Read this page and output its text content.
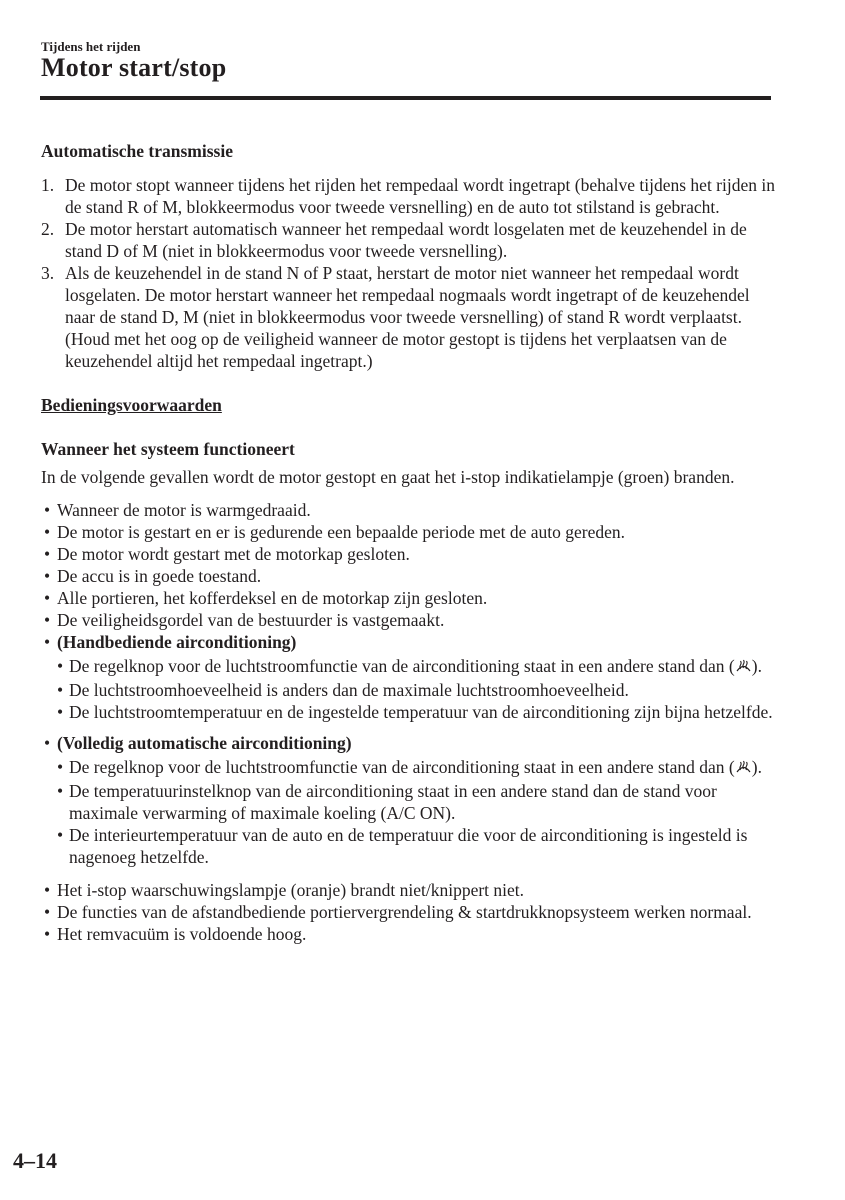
Tijdens het rijden
Motor start/stop

Automatische transmissie

1. De motor stopt wanneer tijdens het rijden het rempedaal wordt ingetrapt (behalve tijdens het rijden in de stand R of M, blokkeermodus voor tweede versnelling) en de auto tot stilstand is gebracht.
2. De motor herstart automatisch wanneer het rempedaal wordt losgelaten met de keuzehendel in de stand D of M (niet in blokkeermodus voor tweede versnelling).
3. Als de keuzehendel in de stand N of P staat, herstart de motor niet wanneer het rempedaal wordt losgelaten. De motor herstart wanneer het rempedaal nogmaals wordt ingetrapt of de keuzehendel naar de stand D, M (niet in blokkeermodus voor tweede versnelling) of stand R wordt verplaatst. (Houd met het oog op de veiligheid wanneer de motor gestopt is tijdens het verplaatsen van de keuzehendel altijd het rempedaal ingetrapt.)

Bedieningsvoorwaarden

Wanneer het systeem functioneert

In de volgende gevallen wordt de motor gestopt en gaat het i-stop indikatielampje (groen) branden.

• Wanneer de motor is warmgedraaid.
• De motor is gestart en er is gedurende een bepaalde periode met de auto gereden.
• De motor wordt gestart met de motorkap gesloten.
• De accu is in goede toestand.
• Alle portieren, het kofferdeksel en de motorkap zijn gesloten.
• De veiligheidsgordel van de bestuurder is vastgemaakt.
• (Handbediende airconditioning)
• De regelknop voor de luchtstroomfunctie van de airconditioning staat in een andere stand dan ( ).
• De luchtstroomhoeveelheid is anders dan de maximale luchtstroomhoeveelheid.
• De luchtstroomtemperatuur en de ingestelde temperatuur van de airconditioning zijn bijna hetzelfde.
• (Volledig automatische airconditioning)
• De regelknop voor de luchtstroomfunctie van de airconditioning staat in een andere stand dan ( ).
• De temperatuurinstelknop van de airconditioning staat in een andere stand dan de stand voor maximale verwarming of maximale koeling (A/C ON).
• De interieurtemperatuur van de auto en de temperatuur die voor de airconditioning is ingesteld is nagenoeg hetzelfde.
• Het i-stop waarschuwingslampje (oranje) brandt niet/knippert niet.
• De functies van de afstandbediende portiervergrendeling & startdrukknopsysteem werken normaal.
• Het remvacuüm is voldoende hoog.
4–14
